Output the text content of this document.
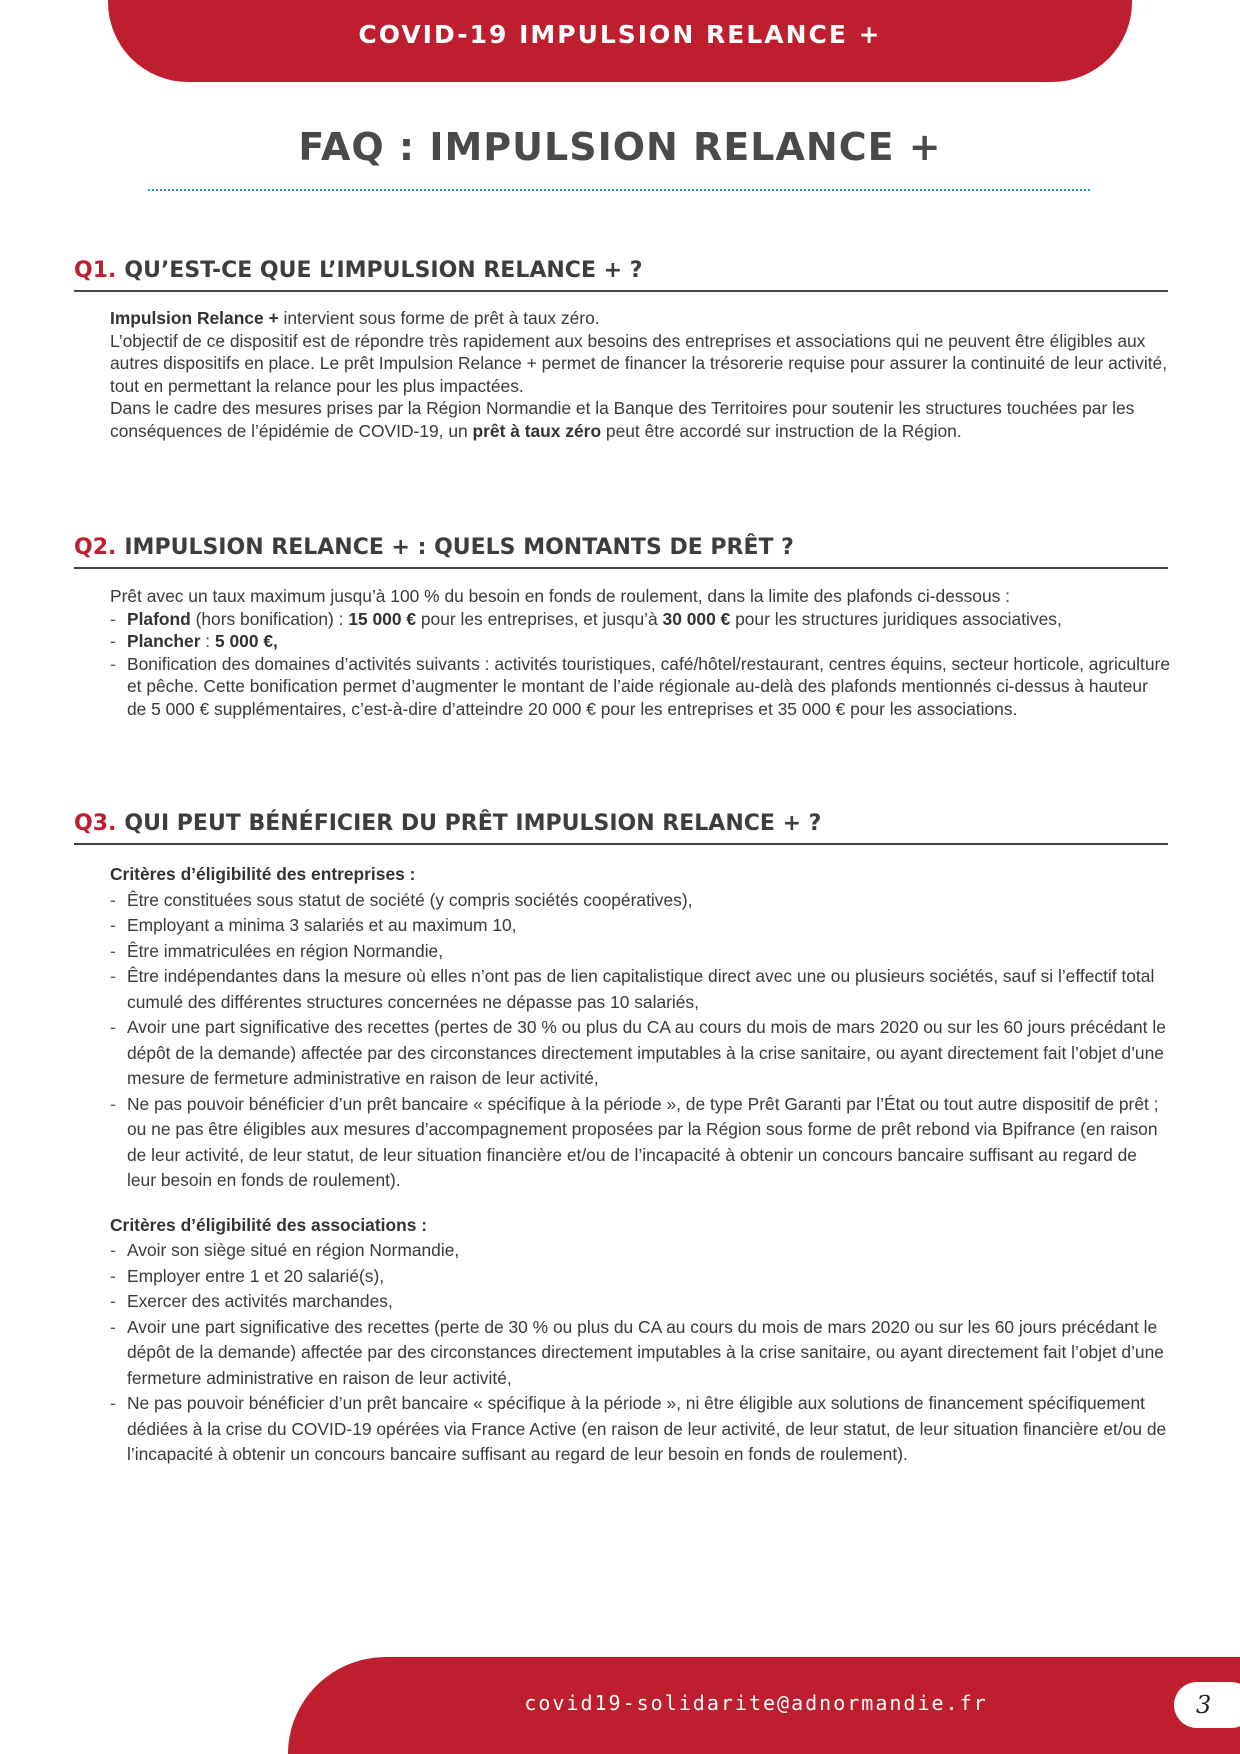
COVID-19 IMPULSION RELANCE +
FAQ : IMPULSION RELANCE +
Q1. QU’EST-CE QUE L’IMPULSION RELANCE + ?

Impulsion Relance + intervient sous forme de prêt à taux zéro.

L’objectif de ce dispositif est de répondre très rapidement aux besoins des entreprises et associations qui ne peuvent être éligibles aux autres dispositifs en place. Le prêt Impulsion Relance + permet de financer la trésorerie requise pour assurer la continuité de leur activité, tout en permettant la relance pour les plus impactées.

Dans le cadre des mesures prises par la Région Normandie et la Banque des Territoires pour soutenir les structures touchées par les conséquences de l’épidémie de COVID-19, un prêt à taux zéro peut être accordé sur instruction de la Région.

Q2. IMPULSION RELANCE + : QUELS MONTANTS DE PRÊT ?

Prêt avec un taux maximum jusqu’à 100 % du besoin en fonds de roulement, dans la limite des plafonds ci-dessous :

- Plafond (hors bonification) : 15 000 € pour les entreprises, et jusqu’à 30 000 € pour les structures juridiques associatives,
- Plancher : 5 000 €,
- Bonification des domaines d’activités suivants : activités touristiques, café/hôtel/restaurant, centres équins, secteur horticole, agriculture et pêche. Cette bonification permet d’augmenter le montant de l’aide régionale au-delà des plafonds mentionnés ci-dessus à hauteur de 5 000 € supplémentaires, c’est-à-dire d’atteindre 20 000 € pour les entreprises et 35 000 € pour les associations.
Q3. QUI PEUT BÉNÉFICIER DU PRÊT IMPULSION RELANCE + ?

Critères d’éligibilité des entreprises :

- Être constituées sous statut de société (y compris sociétés coopératives),
- Employant a minima 3 salariés et au maximum 10,
- Être immatriculées en région Normandie,
- Être indépendantes dans la mesure où elles n’ont pas de lien capitalistique direct avec une ou plusieurs sociétés, sauf si l’effectif total cumulé des différentes structures concernées ne dépasse pas 10 salariés,
- Avoir une part significative des recettes (pertes de 30 % ou plus du CA au cours du mois de mars 2020 ou sur les 60 jours précédant le dépôt de la demande) affectée par des circonstances directement imputables à la crise sanitaire, ou ayant directement fait l’objet d’une mesure de fermeture administrative en raison de leur activité,
- Ne pas pouvoir bénéficier d’un prêt bancaire « spécifique à la période », de type Prêt Garanti par l’État ou tout autre dispositif de prêt ; ou ne pas être éligibles aux mesures d’accompagnement proposées par la Région sous forme de prêt rebond via Bpifrance (en raison de leur activité, de leur statut, de leur situation financière et/ou de l’incapacité à obtenir un concours bancaire suffisant au regard de leur besoin en fonds de roulement).

Critères d’éligibilité des associations :

- Avoir son siège situé en région Normandie,
- Employer entre 1 et 20 salarié(s),
- Exercer des activités marchandes,
- Avoir une part significative des recettes (perte de 30 % ou plus du CA au cours du mois de mars 2020 ou sur les 60 jours précédant le dépôt de la demande) affectée par des circonstances directement imputables à la crise sanitaire, ou ayant directement fait l’objet d’une fermeture administrative en raison de leur activité,
- Ne pas pouvoir bénéficier d’un prêt bancaire « spécifique à la période », ni être éligible aux solutions de financement spécifiquement dédiées à la crise du COVID-19 opérées via France Active (en raison de leur activité, de leur statut, de leur situation financière et/ou de l’incapacité à obtenir un concours bancaire suffisant au regard de leur besoin en fonds de roulement).
covid19-solidarite@adnormandie.fr	3
